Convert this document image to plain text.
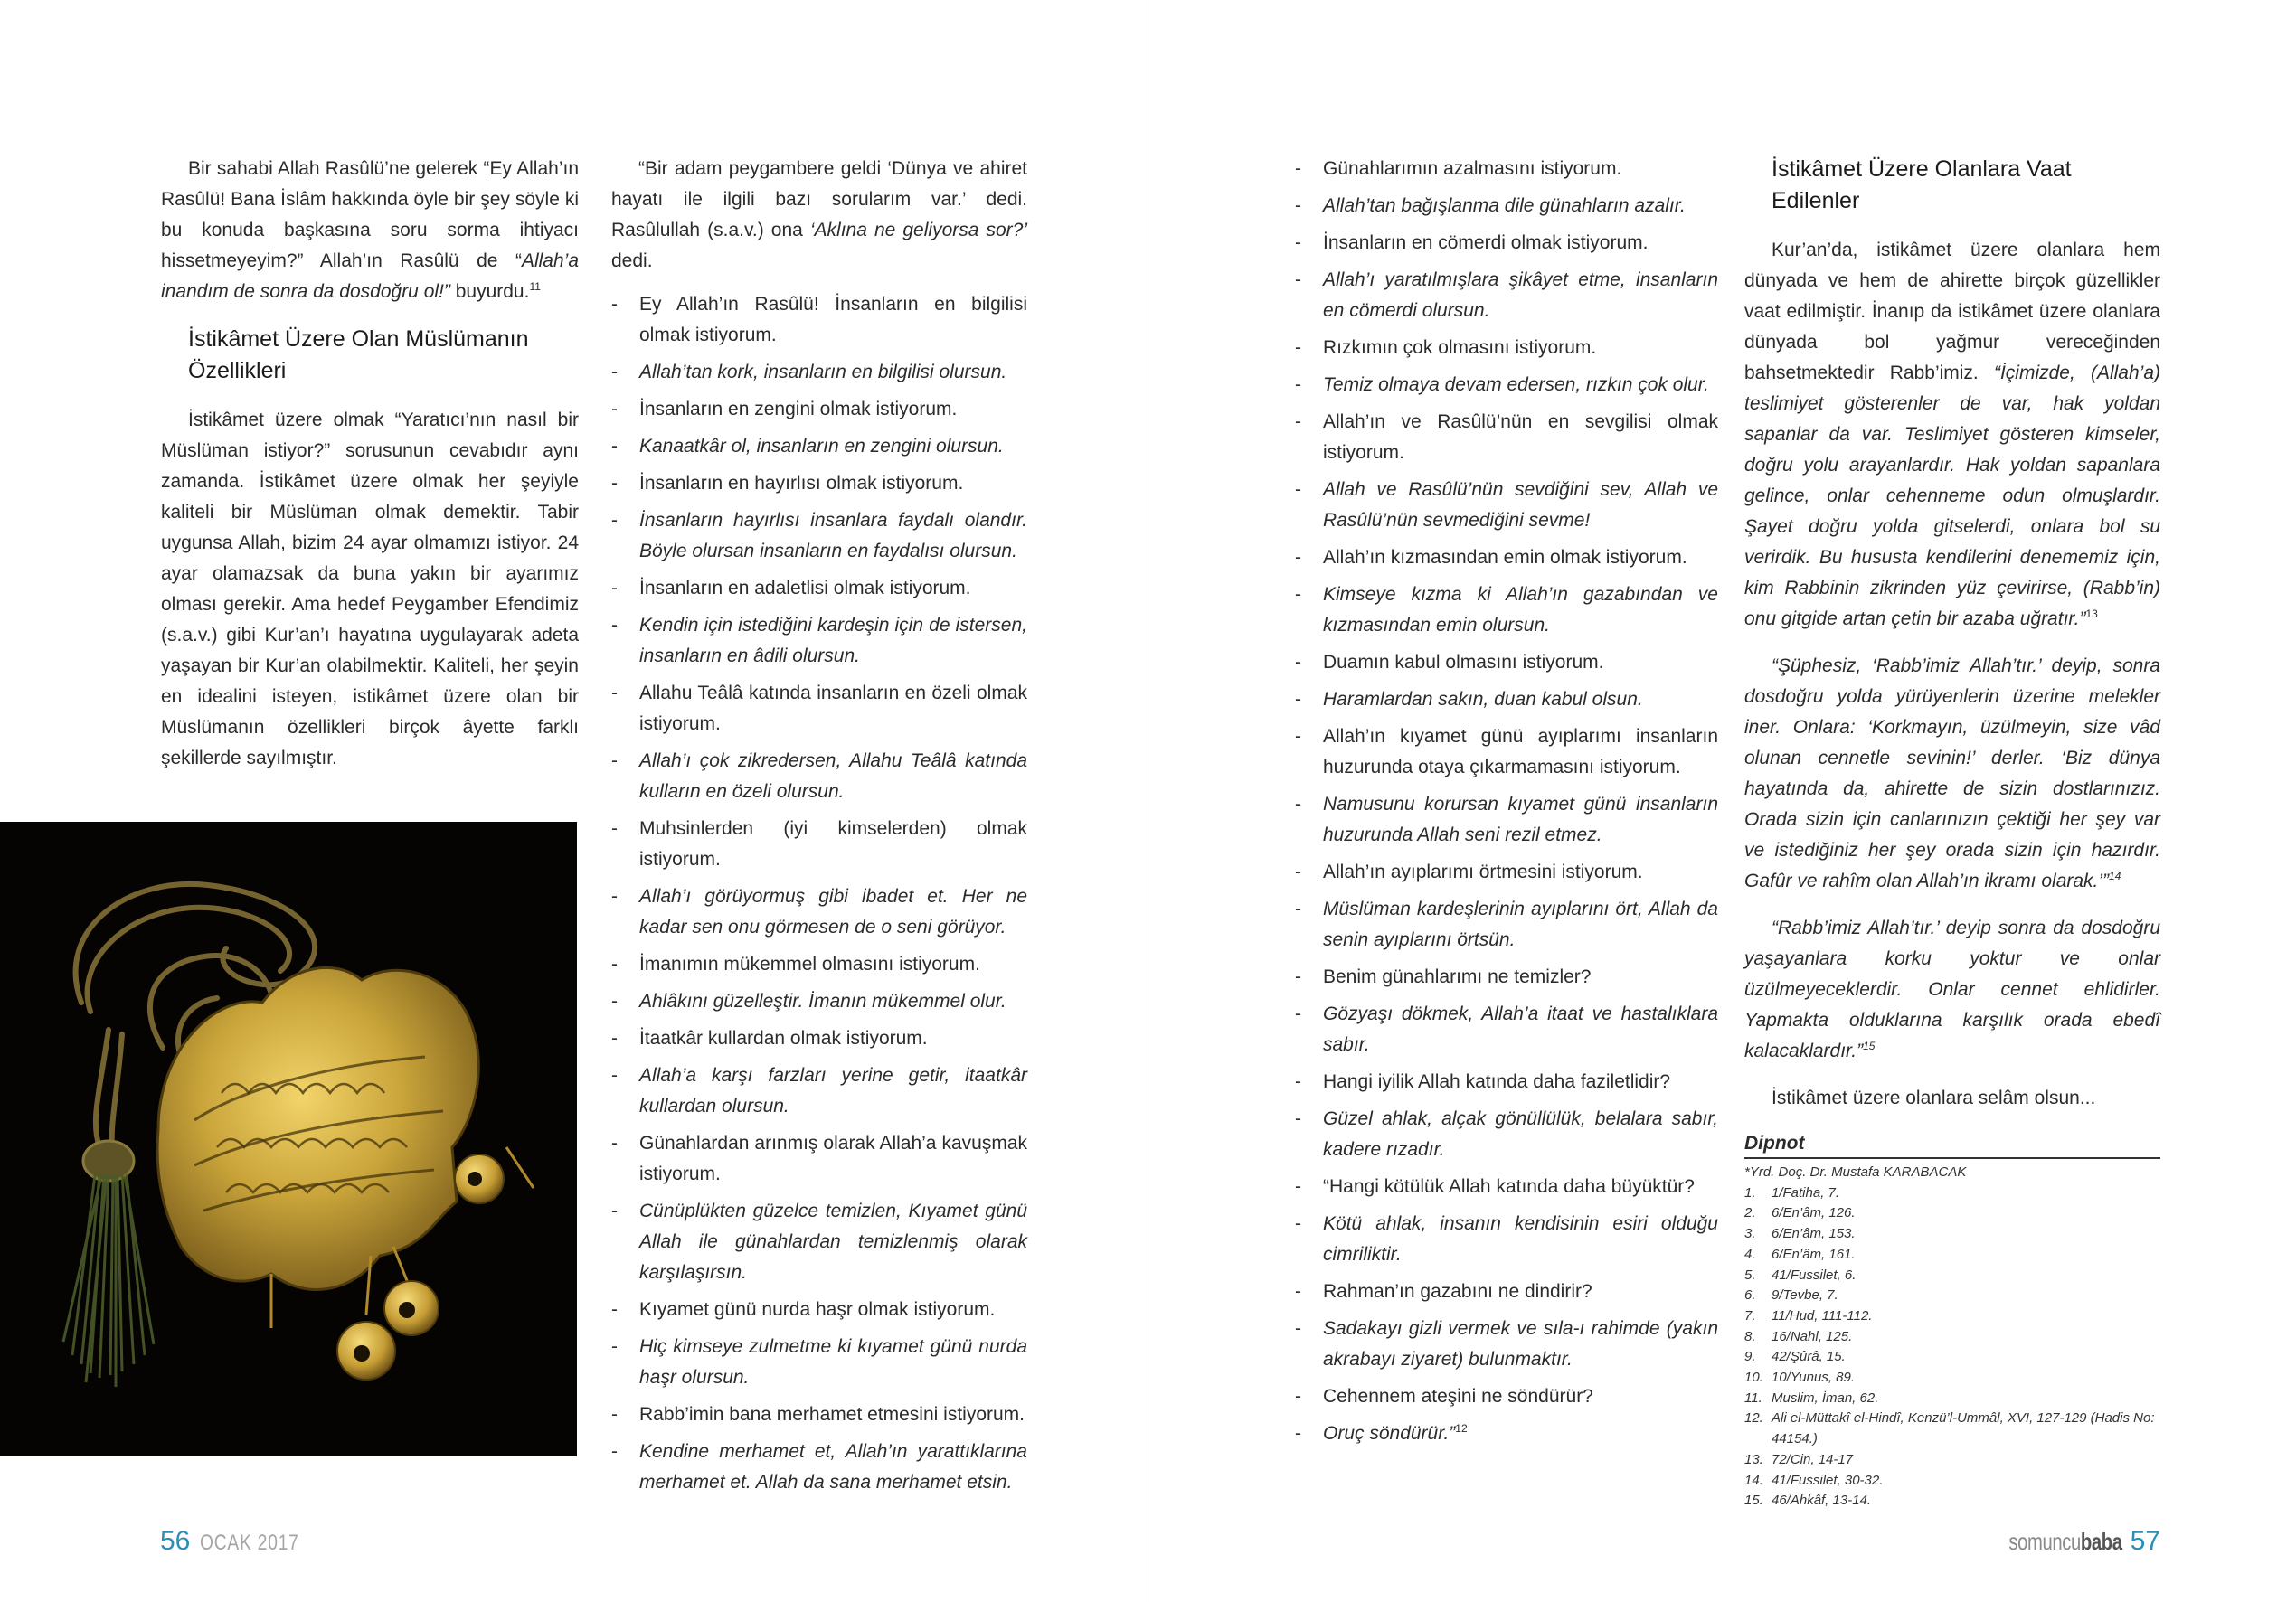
Bir sahabi Allah Rasûlü’ne gelerek “Ey Allah’ın Rasûlü! Bana İslâm hakkında öyle bir şey söyle ki bu konuda başkasına soru sorma ihtiyacı hissetmeyeyim?” Allah’ın Rasûlü de “Allah’a inandım de sonra da dosdoğru ol!” buyurdu.$^{11}$

İstikâmet Üzere Olan Müslümanın Özellikleri

İstikâmet üzere olmak “Yaratıcı’nın nasıl bir Müslüman istiyor?” sorusunun cevabıdır aynı zamanda. İstikâmet üzere olmak her şeyiyle kaliteli bir Müslüman olmak demektir. Tabir uygunsa Allah, bizim 24 ayar olmamızı istiyor. 24 ayar olamazsak da buna yakın bir ayarımız olması gerekir. Ama hedef Peygamber Efendimiz (s.a.v.) gibi Kur’an’ı hayatına uygulayarak adeta yaşayan bir Kur’an olabilmektir. Kaliteli, her şeyin en idealini isteyen, istikâmet üzere olan bir Müslümanın özellikleri birçok âyette farklı şekillerde sayılmıştır.

“Bir adam peygambere geldi ‘Dünya ve ahiret hayatı ile ilgili bazı sorularım var.’ dedi. Rasûlullah (s.a.v.) ona ‘Aklına ne geliyorsa sor?’ dedi.

- Ey Allah’ın Rasûlü! İnsanların en bilgilisi olmak istiyorum.
- Allah’tan kork, insanların en bilgilisi olursun.
- İnsanların en zengini olmak istiyorum.
- Kanaatkâr ol, insanların en zengini olursun.
- İnsanların en hayırlısı olmak istiyorum.
- İnsanların hayırlısı insanlara faydalı olandır. Böyle olursan insanların en faydalısı olursun.
- İnsanların en adaletlisi olmak istiyorum.
- Kendin için istediğini kardeşin için de istersen, insanların en âdili olursun.
- Allahu Teâlâ katında insanların en özeli olmak istiyorum.
- Allah’ı çok zikredersen, Allahu Teâlâ katında kulların en özeli olursun.
- Muhsinlerden (iyi kimselerden) olmak istiyorum.
- Allah’ı görüyormuş gibi ibadet et. Her ne kadar sen onu görmesen de o seni görüyor.
- İmanımın mükemmel olmasını istiyorum.
- Ahlâkını güzelleştir. İmanın mükemmel olur.
- İtaatkâr kullardan olmak istiyorum.
- Allah’a karşı farzları yerine getir, itaatkâr kullardan olursun.
- Günahlardan arınmış olarak Allah’a kavuşmak istiyorum.
- Cünüplükten güzelce temizlen, Kıyamet günü Allah ile günahlardan temizlenmiş olarak karşılaşırsın.
- Kıyamet günü nurda haşr olmak istiyorum.
- Hiç kimseye zulmetme ki kıyamet günü nurda haşr olursun.
- Rabb’imin bana merhamet etmesini istiyorum.
- Kendine merhamet et, Allah’ın yarattıklarına merhamet et. Allah da sana merhamet etsin.
- Günahlarımın azalmasını istiyorum.
- Allah’tan bağışlanma dile günahların azalır.
- İnsanların en cömerdi olmak istiyorum.
- Allah’ı yaratılmışlara şikâyet etme, insanların en cömerdi olursun.
- Rızkımın çok olmasını istiyorum.
- Temiz olmaya devam edersen, rızkın çok olur.
- Allah’ın ve Rasûlü’nün en sevgilisi olmak istiyorum.
- Allah ve Rasûlü’nün sevdiğini sev, Allah ve Rasûlü’nün sevmediğini sevme!
- Allah’ın kızmasından emin olmak istiyorum.
- Kimseye kızma ki Allah’ın gazabından ve kızmasından emin olursun.
- Duamın kabul olmasını istiyorum.
- Haramlardan sakın, duan kabul olsun.
- Allah’ın kıyamet günü ayıplarımı insanların huzurunda otaya çıkarmamasını istiyorum.
- Namusunu korursan kıyamet günü insanların huzurunda Allah seni rezil etmez.
- Allah’ın ayıplarımı örtmesini istiyorum.
- Müslüman kardeşlerinin ayıplarını ört, Allah da senin ayıplarını örtsün.
- Benim günahlarımı ne temizler?
- Gözyaşı dökmek, Allah’a itaat ve hastalıklara sabır.
- Hangi iyilik Allah katında daha faziletlidir?
- Güzel ahlak, alçak gönüllülük, belalara sabır, kadere rızadır.
- “Hangi kötülük Allah katında daha büyüktür?
- Kötü ahlak, insanın kendisinin esiri olduğu cimriliktir.
- Rahman’ın gazabını ne dindirir?
- Sadakayı gizli vermek ve sıla-ı rahimde (yakın akrabayı ziyaret) bulunmaktır.
- Cehennem ateşini ne söndürür?
- Oruç söndürür.”$^{12}$
İstikâmet Üzere Olanlara Vaat Edilenler

Kur’an’da, istikâmet üzere olanlara hem dünyada ve hem de ahirette birçok güzellikler vaat edilmiştir. İnanıp da istikâmet üzere olanlara dünyada bol yağmur vereceğinden bahsetmektedir Rabb’imiz. “İçimizde, (Allah’a) teslimiyet gösterenler de var, hak yoldan sapanlar da var. Teslimiyet gösteren kimseler, doğru yolu arayanlardır. Hak yoldan sapanlara gelince, onlar cehenneme odun olmuşlardır. Şayet doğru yolda gitselerdi, onlara bol su verirdik. Bu hususta kendilerini denememiz için, kim Rabbinin zikrinden yüz çevirirse, (Rabb’in) onu gitgide artan çetin bir azaba uğratır.”$^{13}$

“Şüphesiz, ‘Rabb’imiz Allah’tır.’ deyip, sonra dosdoğru yolda yürüyenlerin üzerine melekler iner. Onlara: ‘Korkmayın, üzülmeyin, size vâd olunan cennetle sevinin!’ derler. ‘Biz dünya hayatında da, ahirette de sizin dostlarınızız. Orada sizin için canlarınızın çektiği her şey var ve istediğiniz her şey orada sizin için hazırdır. Gafûr ve rahîm olan Allah’ın ikramı olarak.’”$^{14}$

“Rabb’imiz Allah’tır.’ deyip sonra da dosdoğru yaşayanlara korku yoktur ve onlar üzülmeyeceklerdir. Onlar cennet ehlidirler. Yapmakta olduklarına karşılık orada ebedî kalacaklardır.”$^{15}$

İstikâmet üzere olanlara selâm olsun...

Dipnot
*Yrd. Doç. Dr. Mustafa KARABACAK
1. 1/Fatiha, 7.
2. 6/En’âm, 126.
3. 6/En’âm, 153.
4. 6/En’âm, 161.
5. 41/Fussilet, 6.
6. 9/Tevbe, 7.
7. 11/Hud, 111-112.
8. 16/Nahl, 125.
9. 42/Şûrâ, 15.
10. 10/Yunus, 89.
11. Muslim, İman, 62.
12. Ali el-Müttakî el-Hindî, Kenzü’l-Ummâl, XVI, 127-129 (Hadis No: 44154.)
13. 72/Cin, 14-17
14. 41/Fussilet, 30-32.
15. 46/Ahkâf, 13-14.
56 OCAK 2017	somuncubaba 57
